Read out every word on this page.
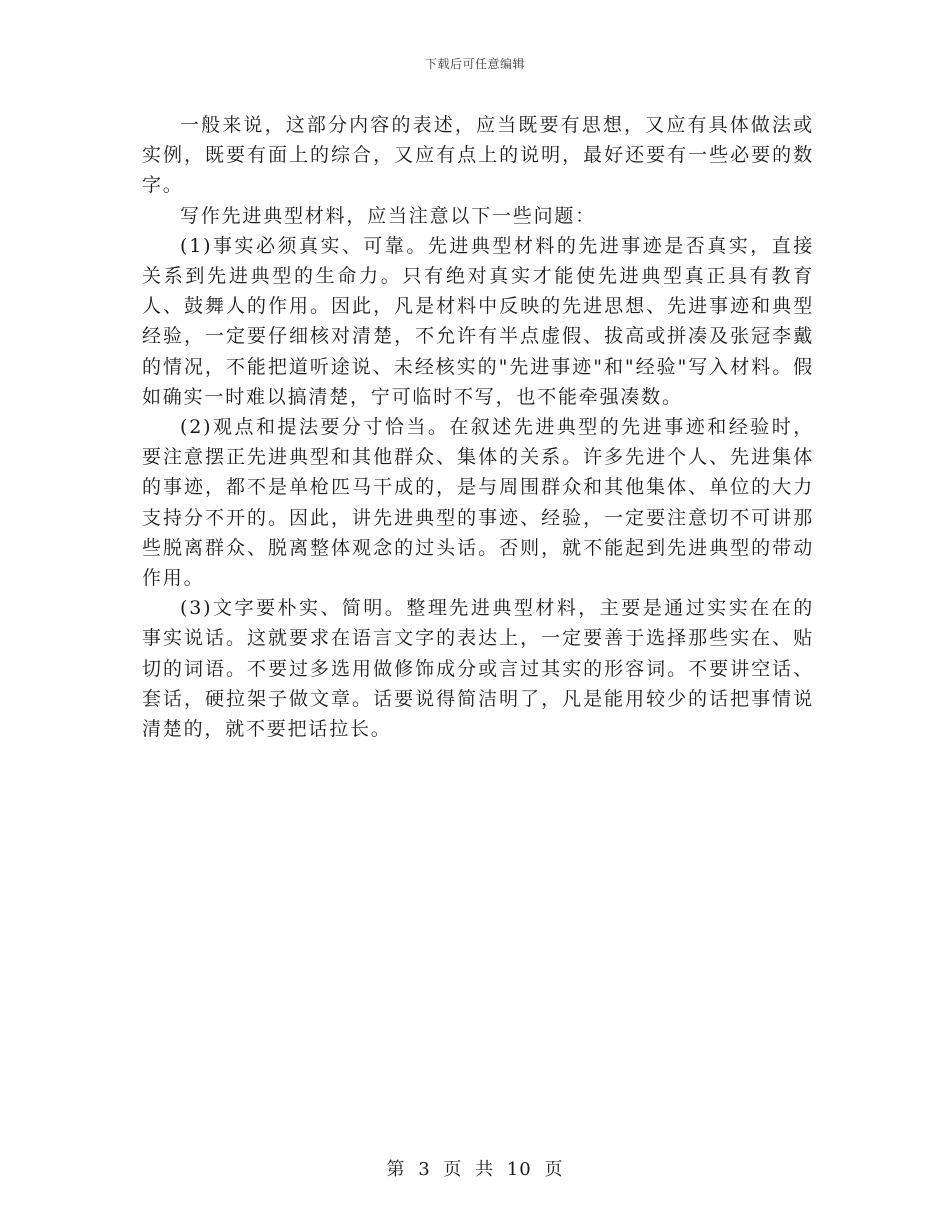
下载后可任意编辑

一般来说，这部分内容的表述，应当既要有思想，又应有具体做法或实例，既要有面上的综合，又应有点上的说明，最好还要有一些必要的数字。

写作先进典型材料，应当注意以下一些问题：

(1)事实必须真实、可靠。先进典型材料的先进事迹是否真实，直接关系到先进典型的生命力。只有绝对真实才能使先进典型真正具有教育人、鼓舞人的作用。因此，凡是材料中反映的先进思想、先进事迹和典型经验，一定要仔细核对清楚，不允许有半点虚假、拔高或拼凑及张冠李戴的情况，不能把道听途说、未经核实的"先进事迹"和"经验"写入材料。假如确实一时难以搞清楚，宁可临时不写，也不能牵强凑数。

(2)观点和提法要分寸恰当。在叙述先进典型的先进事迹和经验时，要注意摆正先进典型和其他群众、集体的关系。许多先进个人、先进集体的事迹，都不是单枪匹马干成的，是与周围群众和其他集体、单位的大力支持分不开的。因此，讲先进典型的事迹、经验，一定要注意切不可讲那些脱离群众、脱离整体观念的过头话。否则，就不能起到先进典型的带动作用。

(3)文字要朴实、简明。整理先进典型材料，主要是通过实实在在的事实说话。这就要求在语言文字的表达上，一定要善于选择那些实在、贴切的词语。不要过多选用做修饰成分或言过其实的形容词。不要讲空话、套话，硬拉架子做文章。话要说得简洁明了，凡是能用较少的话把事情说清楚的，就不要把话拉长。

第 3 页 共 10 页
